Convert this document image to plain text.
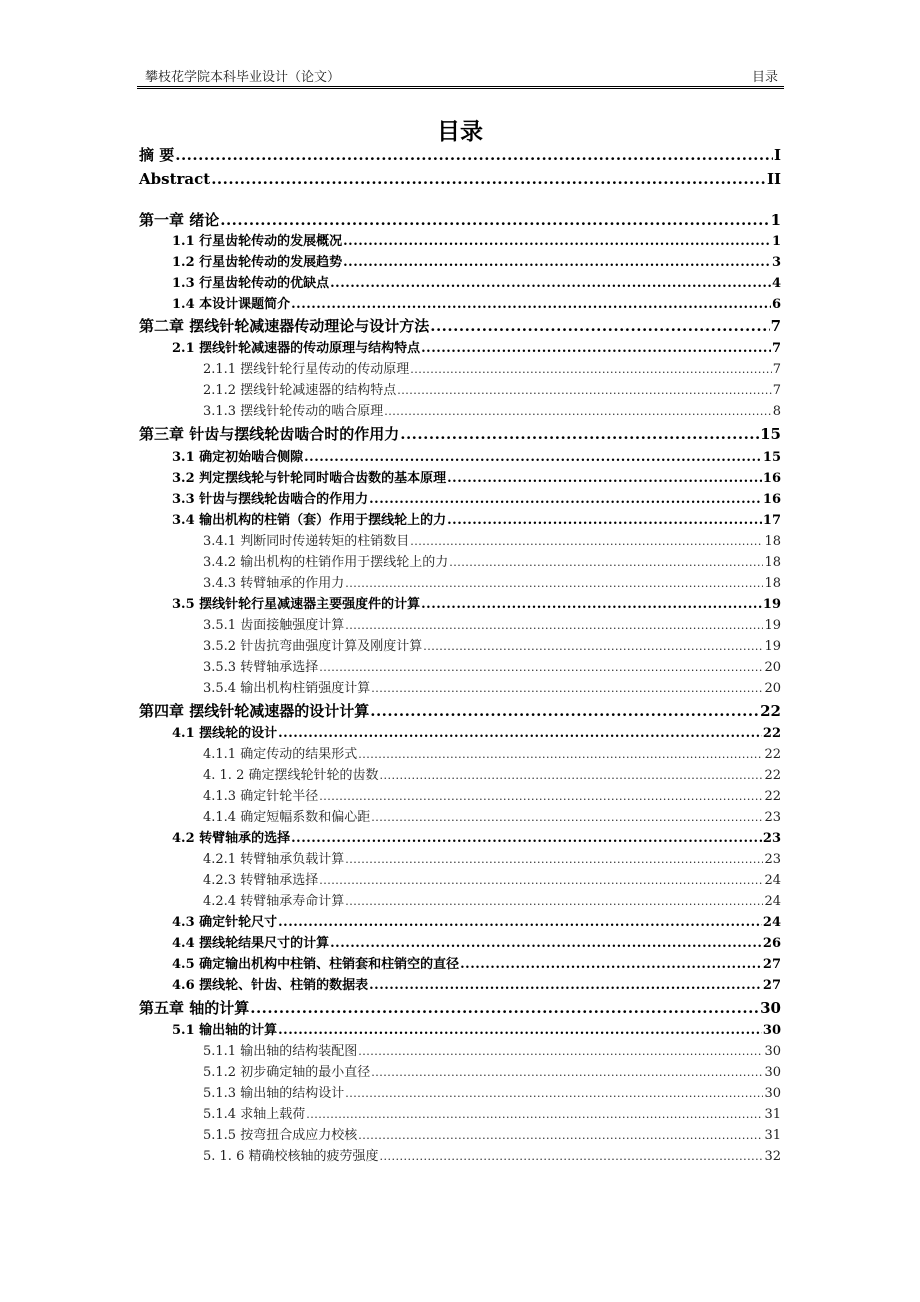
攀枝花学院本科毕业设计（论文）	目录
目录
摘 要 .....	I
Abstract .....	II
第一章 绪论 .....	1
1.1 行星齿轮传动的发展概况 .....	1
1.2 行星齿轮传动的发展趋势 .....	3
1.3 行星齿轮传动的优缺点 .....	4
1.4 本设计课题简介 .....	6
第二章 摆线针轮减速器传动理论与设计方法 .....	7
2.1 摆线针轮减速器的传动原理与结构特点 .....	7
2.1.1 摆线针轮行星传动的传动原理 .....	7
2.1.2 摆线针轮减速器的结构特点 .....	7
3.1.3 摆线针轮传动的啮合原理 .....	8
第三章 针齿与摆线轮齿啮合时的作用力 .....	15
3.1 确定初始啮合侧隙 .....	15
3.2 判定摆线轮与针轮同时啮合齿数的基本原理 .....	16
3.3 针齿与摆线轮齿啮合的作用力 .....	16
3.4 输出机构的柱销（套）作用于摆线轮上的力 .....	17
3.4.1 判断同时传递转矩的柱销数目 .....	18
3.4.2 输出机构的柱销作用于摆线轮上的力 .....	18
3.4.3 转臂轴承的作用力 .....	18
3.5 摆线针轮行星减速器主要强度件的计算 .....	19
3.5.1 齿面接触强度计算 .....	19
3.5.2 针齿抗弯曲强度计算及刚度计算 .....	19
3.5.3 转臂轴承选择 .....	20
3.5.4 输出机构柱销强度计算 .....	20
第四章 摆线针轮减速器的设计计算 .....	22
4.1 摆线轮的设计 .....	22
4.1.1 确定传动的结果形式 .....	22
4. 1. 2 确定摆线轮针轮的齿数 .....	22
4.1.3 确定针轮半径 .....	22
4.1.4 确定短幅系数和偏心距 .....	23
4.2 转臂轴承的选择 .....	23
4.2.1 转臂轴承负载计算 .....	23
4.2.3 转臂轴承选择 .....	24
4.2.4 转臂轴承寿命计算 .....	24
4.3 确定针轮尺寸 .....	24
4.4 摆线轮结果尺寸的计算 .....	26
4.5 确定输出机构中柱销、柱销套和柱销空的直径 .....	27
4.6 摆线轮、针齿、柱销的数据表 .....	27
第五章 轴的计算 .....	30
5.1 输出轴的计算 .....	30
5.1.1 输出轴的结构装配图 .....	30
5.1.2 初步确定轴的最小直径 .....	30
5.1.3 输出轴的结构设计 .....	30
5.1.4 求轴上载荷 .....	31
5.1.5 按弯扭合成应力校核 .....	31
5. 1. 6 精确校核轴的疲劳强度 .....	32
